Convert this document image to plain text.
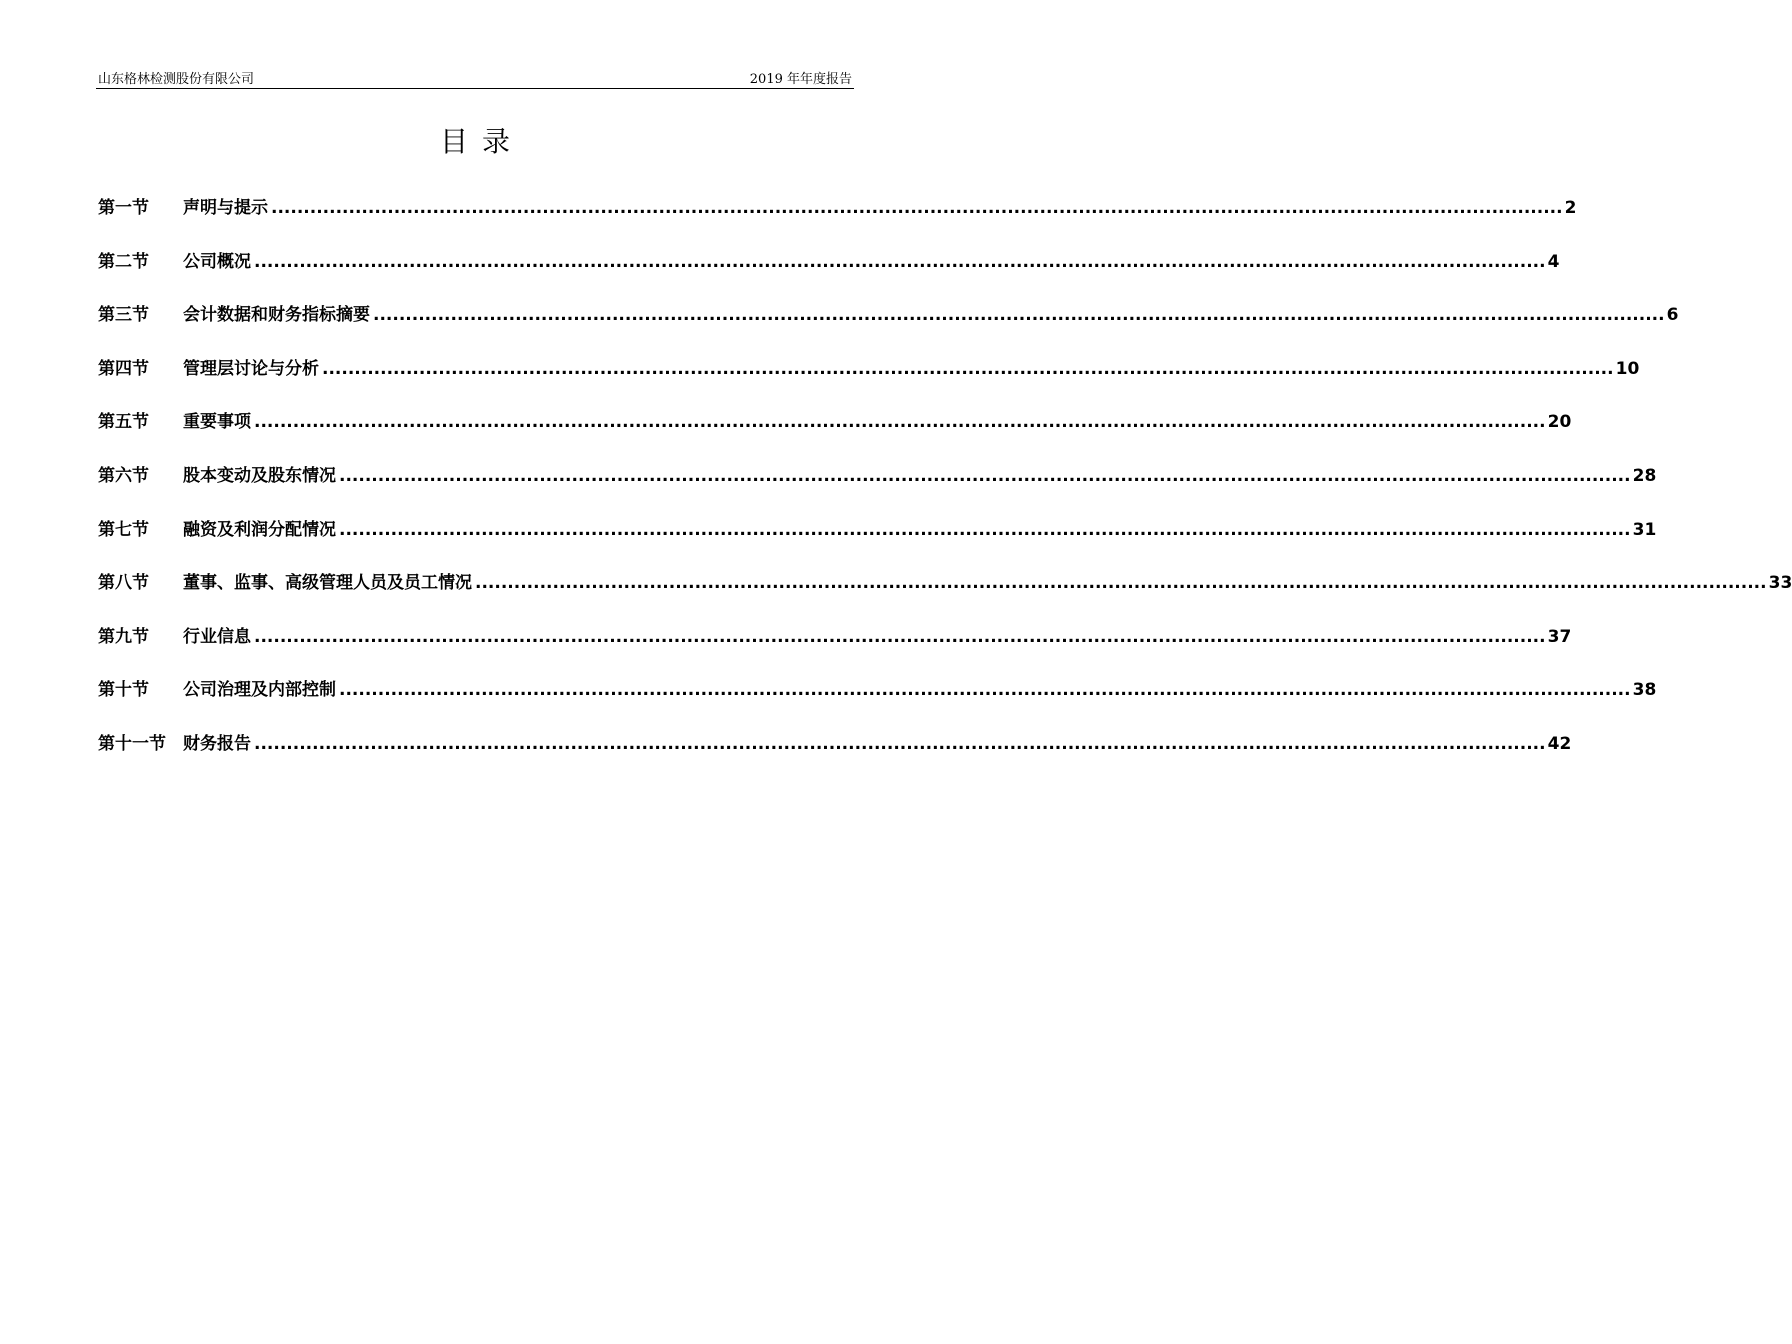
山东格林检测股份有限公司	2019 年年度报告
目录
第一节	声明与提示 ........................................................................................................................................................................................................ 2
第二节	公司概况 ........................................................................................................................................................................................................ 4
第三节	会计数据和财务指标摘要 ........................................................................................................................................................................................................ 6
第四节	管理层讨论与分析 ........................................................................................................................................................................................................ 10
第五节	重要事项 ........................................................................................................................................................................................................ 20
第六节	股本变动及股东情况 ........................................................................................................................................................................................................ 28
第七节	融资及利润分配情况 ........................................................................................................................................................................................................ 31
第八节	董事、监事、高级管理人员及员工情况 ........................................................................................................................................................................................................ 33
第九节	行业信息 ........................................................................................................................................................................................................ 37
第十节	公司治理及内部控制 ........................................................................................................................................................................................................ 38
第十一节	财务报告 ........................................................................................................................................................................................................ 42
